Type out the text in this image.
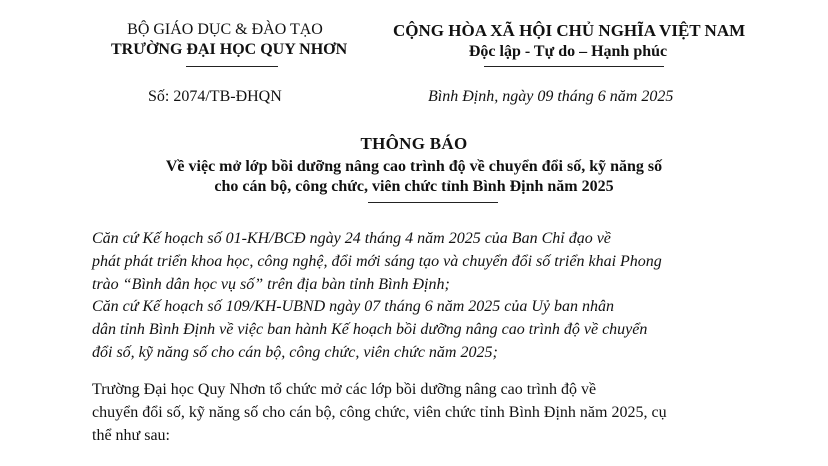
BỘ GIÁO DỤC & ĐÀO TẠO
TRƯỜNG ĐẠI HỌC QUY NHƠN
CỘNG HÒA XÃ HỘI CHỦ NGHĨA VIỆT NAM
Độc lập - Tự do – Hạnh phúc
Số: 2074/TB-ĐHQN	Bình Định, ngày 09 tháng 6 năm 2025
THÔNG BÁO
Về việc mở lớp bồi dưỡng nâng cao trình độ về chuyển đổi số, kỹ năng số
cho cán bộ, công chức, viên chức tỉnh Bình Định năm 2025
Căn cứ Kế hoạch số 01-KH/BCĐ ngày 24 tháng 4 năm 2025 của Ban Chỉ đạo về
phát phát triển khoa học, công nghệ, đổi mới sáng tạo và chuyển đổi số triển khai Phong
trào “Bình dân học vụ số” trên địa bàn tỉnh Bình Định;
Căn cứ Kế hoạch số 109/KH-UBND ngày 07 tháng 6 năm 2025 của Uỷ ban nhân
dân tỉnh Bình Định về việc ban hành Kế hoạch bồi dưỡng nâng cao trình độ về chuyển
đổi số, kỹ năng số cho cán bộ, công chức, viên chức năm 2025;
Trường Đại học Quy Nhơn tổ chức mở các lớp bồi dưỡng nâng cao trình độ về
chuyển đổi số, kỹ năng số cho cán bộ, công chức, viên chức tỉnh Bình Định năm 2025, cụ
thể như sau:
